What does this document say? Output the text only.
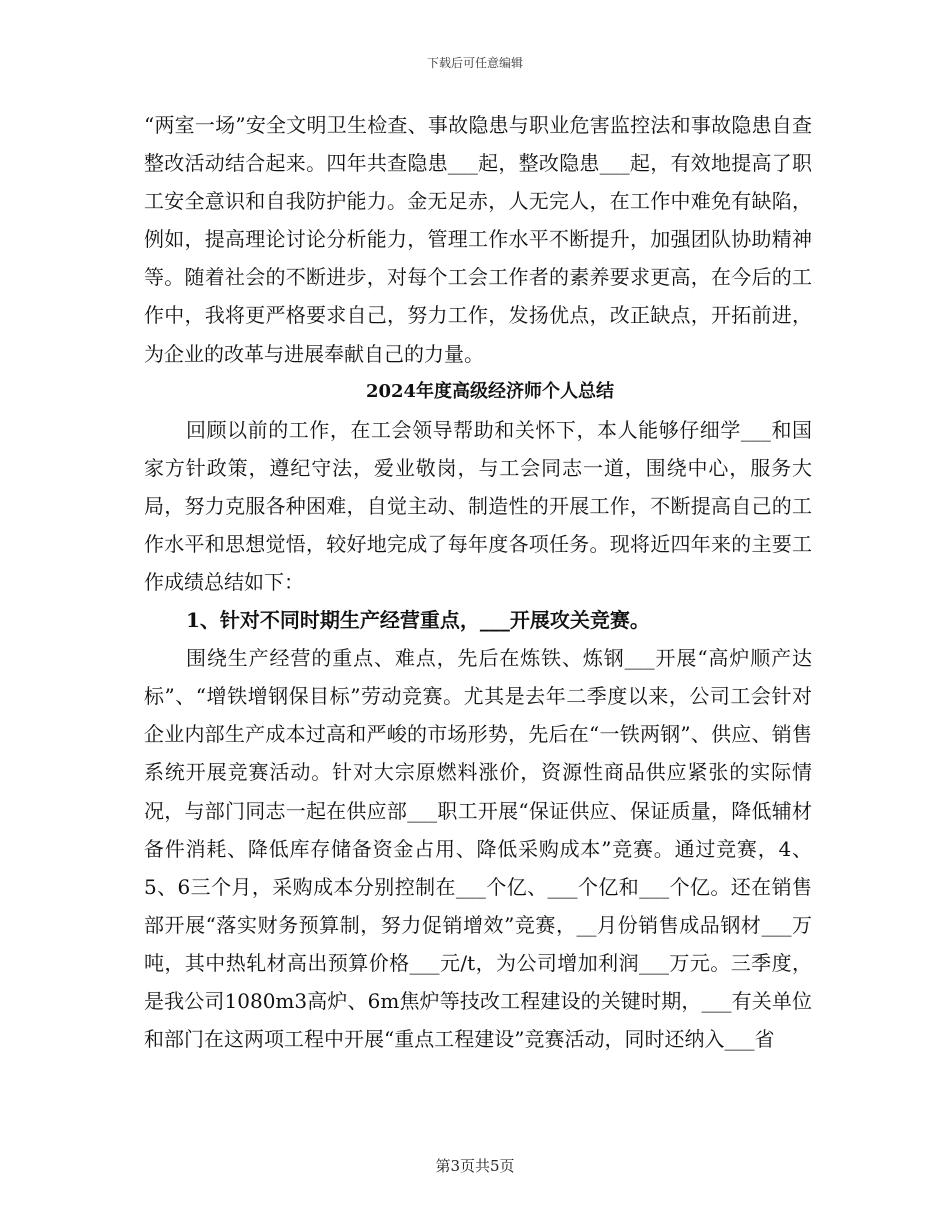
下载后可任意编辑

“两室一场”安全文明卫生检查、事故隐患与职业危害监控法和事故隐患自查整改活动结合起来。四年共查隐患___起，整改隐患___起，有效地提高了职工安全意识和自我防护能力。金无足赤，人无完人，在工作中难免有缺陷，例如，提高理论讨论分析能力，管理工作水平不断提升，加强团队协助精神等。随着社会的不断进步，对每个工会工作者的素养要求更高，在今后的工作中，我将更严格要求自己，努力工作，发扬优点，改正缺点，开拓前进，为企业的改革与进展奉献自己的力量。

2024年度高级经济师个人总结

回顾以前的工作，在工会领导帮助和关怀下，本人能够仔细学___和国家方针政策，遵纪守法，爱业敬岗，与工会同志一道，围绕中心，服务大局，努力克服各种困难，自觉主动、制造性的开展工作，不断提高自己的工作水平和思想觉悟，较好地完成了每年度各项任务。现将近四年来的主要工作成绩总结如下：

1、针对不同时期生产经营重点，___开展攻关竞赛。

围绕生产经营的重点、难点，先后在炼铁、炼钢___开展“高炉顺产达标”、“增铁增钢保目标”劳动竞赛。尤其是去年二季度以来，公司工会针对企业内部生产成本过高和严峻的市场形势，先后在“一铁两钢”、供应、销售系统开展竞赛活动。针对大宗原燃料涨价，资源性商品供应紧张的实际情况，与部门同志一起在供应部___职工开展“保证供应、保证质量，降低辅材备件消耗、降低库存储备资金占用、降低采购成本”竞赛。通过竞赛，4、5、6三个月，采购成本分别控制在___个亿、___个亿和___个亿。还在销售部开展“落实财务预算制，努力促销增效”竞赛，__月份销售成品钢材___万吨，其中热轧材高出预算价格___元/t，为公司增加利润___万元。三季度，是我公司1080m3高炉、6m焦炉等技改工程建设的关键时期，___有关单位和部门在这两项工程中开展“重点工程建设”竞赛活动，同时还纳入___省

第3页共5页
